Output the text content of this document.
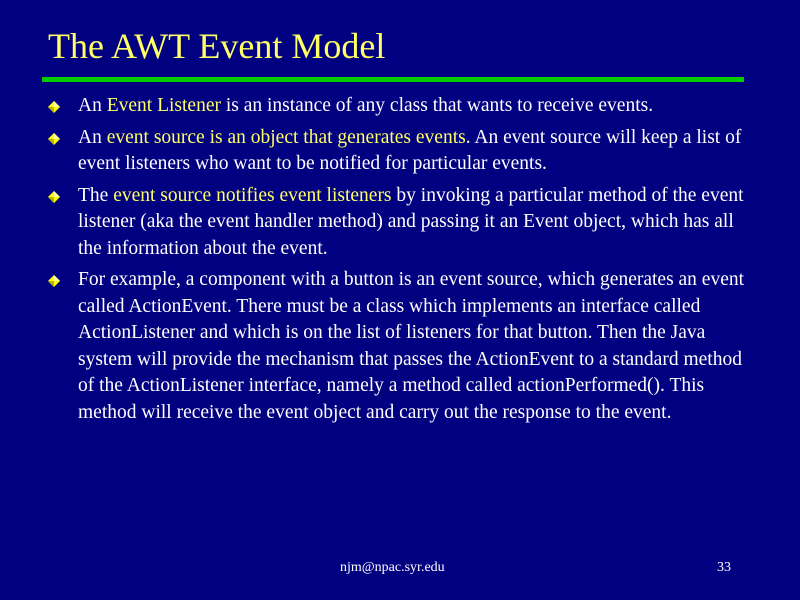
The AWT Event Model
An Event Listener is an instance of any class that wants to receive events.
An event source is an object that generates events. An event source will keep a list of event listeners who want to be notified for particular events.
The event source notifies event listeners by invoking a particular method of the event listener (aka the event handler method) and passing it an Event object, which has all the information about the event.
For example, a component with a button is an event source, which generates an event called ActionEvent. There must be a class which implements an interface called ActionListener and which is on the list of listeners for that button. Then the Java system will provide the mechanism that passes the ActionEvent to a standard method of the ActionListener interface, namely a method called actionPerformed(). This method will receive the event object and carry out the response to the event.
njm@npac.syr.edu	33
